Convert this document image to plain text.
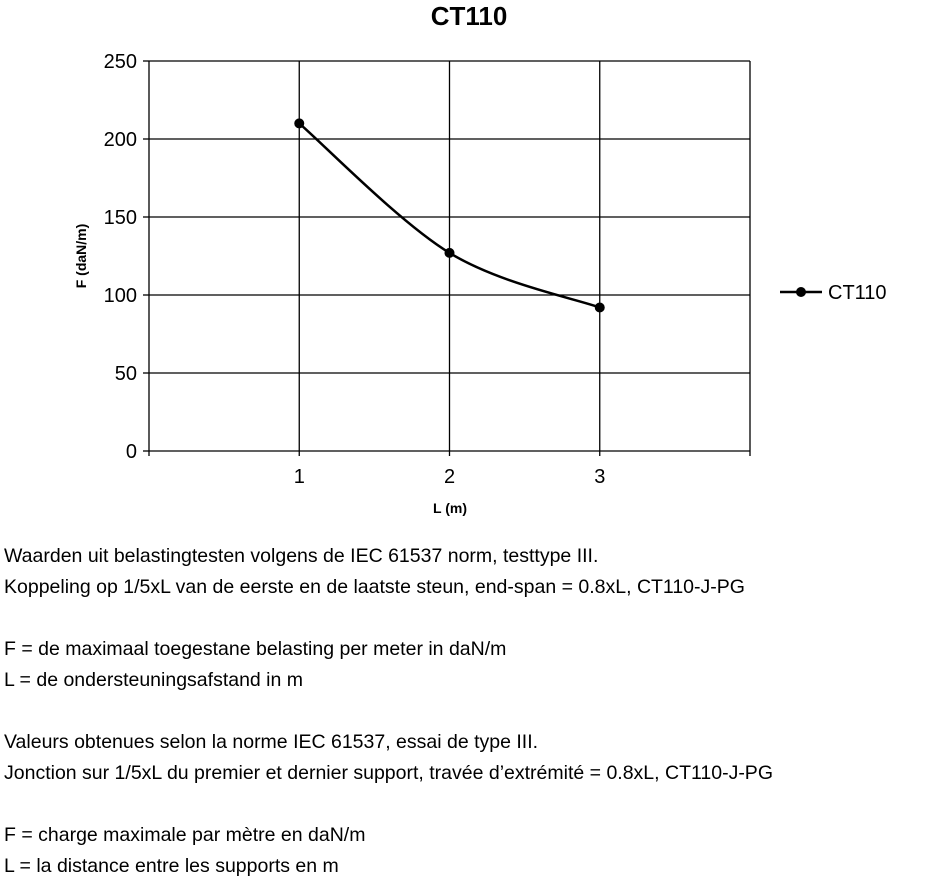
CT110
0
50
100
150
200
250
1	2	3
F (daN/m)
L (m)
CT110
Waarden uit belastingtesten volgens de IEC 61537 norm, testtype III.
Koppeling op 1/5xL van de eerste en de laatste steun, end-span = 0.8xL, CT110-J-PG
F = de maximaal toegestane belasting per meter in daN/m
L = de ondersteuningsafstand in m
Valeurs obtenues selon la norme IEC 61537, essai de type III.
Jonction sur 1/5xL du premier et dernier support, travée d’extrémité = 0.8xL, CT110-J-PG
F = charge maximale par mètre en daN/m
L = la distance entre les supports en m
